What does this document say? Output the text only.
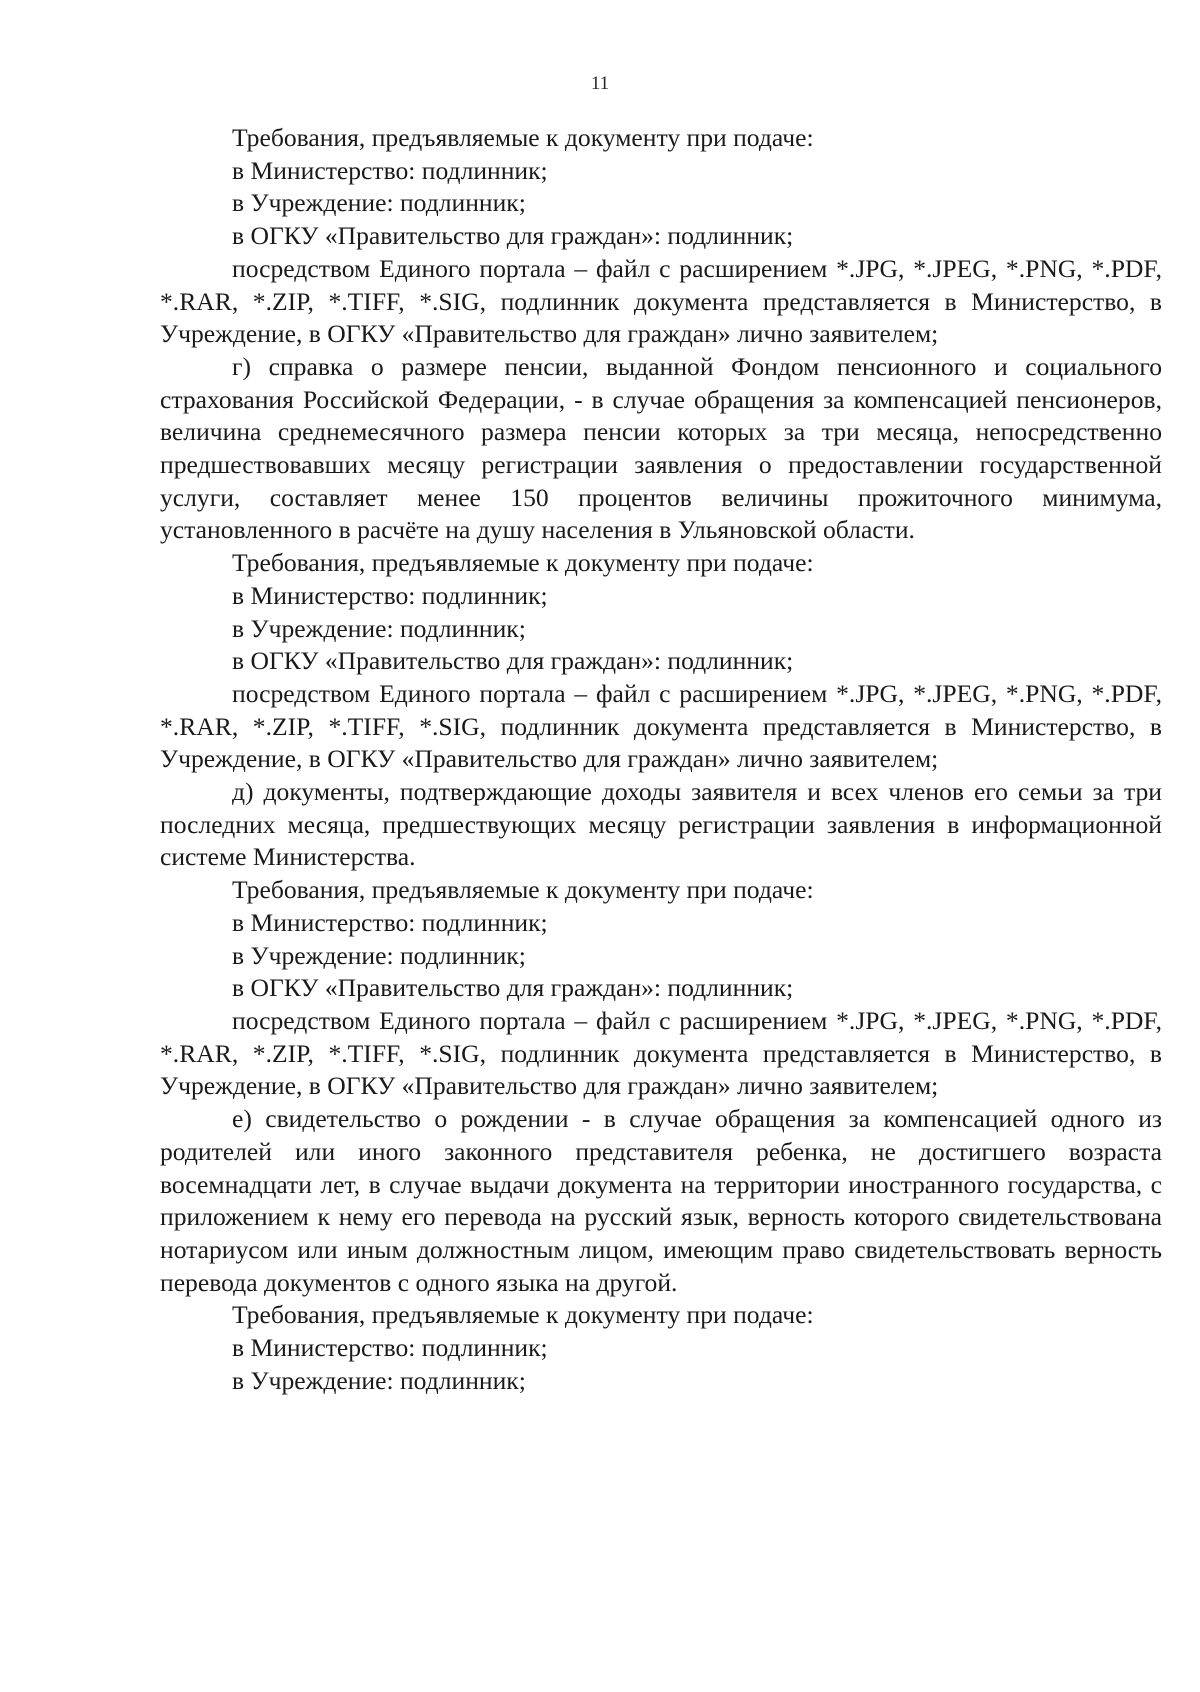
11

Требования, предъявляемые к документу при подаче:

в Министерство: подлинник;

в Учреждение: подлинник;

в ОГКУ «Правительство для граждан»: подлинник;

посредством Единого портала – файл с расширением *.JPG, *.JPEG, *.PNG, *.PDF, *.RAR, *.ZIP, *.TIFF, *.SIG, подлинник документа представляется в Министерство, в Учреждение, в ОГКУ «Правительство для граждан» лично заявителем;

г) справка о размере пенсии, выданной Фондом пенсионного и социального страхования Российской Федерации, - в случае обращения за компенсацией пенсионеров, величина среднемесячного размера пенсии которых за три месяца, непосредственно предшествовавших месяцу регистрации заявления о предоставлении государственной услуги, составляет менее 150 процентов величины прожиточного минимума, установленного в расчёте на душу населения в Ульяновской области.

Требования, предъявляемые к документу при подаче:

в Министерство: подлинник;

в Учреждение: подлинник;

в ОГКУ «Правительство для граждан»: подлинник;

посредством Единого портала – файл с расширением *.JPG, *.JPEG, *.PNG, *.PDF, *.RAR, *.ZIP, *.TIFF, *.SIG, подлинник документа представляется в Министерство, в Учреждение, в ОГКУ «Правительство для граждан» лично заявителем;

д) документы, подтверждающие доходы заявителя и всех членов его семьи за три последних месяца, предшествующих месяцу регистрации заявления в информационной системе Министерства.

Требования, предъявляемые к документу при подаче:

в Министерство: подлинник;

в Учреждение: подлинник;

в ОГКУ «Правительство для граждан»: подлинник;

посредством Единого портала – файл с расширением *.JPG, *.JPEG, *.PNG, *.PDF, *.RAR, *.ZIP, *.TIFF, *.SIG, подлинник документа представляется в Министерство, в Учреждение, в ОГКУ «Правительство для граждан» лично заявителем;

е) свидетельство о рождении - в случае обращения за компенсацией одного из родителей или иного законного представителя ребенка, не достигшего возраста восемнадцати лет, в случае выдачи документа на территории иностранного государства, с приложением к нему его перевода на русский язык, верность которого свидетельствована нотариусом или иным должностным лицом, имеющим право свидетельствовать верность перевода документов с одного языка на другой.

Требования, предъявляемые к документу при подаче:

в Министерство: подлинник;

в Учреждение: подлинник;
